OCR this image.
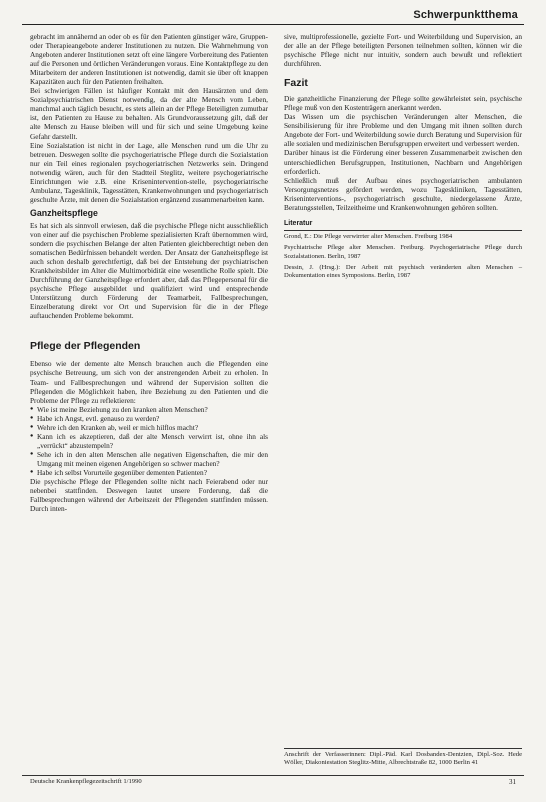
Schwerpunktthema

gebracht im annähernd an oder ob es für den Patienten günstiger wäre, Gruppen- oder Therapieangebote anderer Institutionen zu nutzen. Die Wahrnehmung von Angeboten anderer Institutionen setzt oft eine längere Vorbereitung des Patienten auf die Personen und örtlichen Veränderungen voraus. Eine Kontaktpflege zu den Mitarbeitern der anderen Institutionen ist notwendig, damit sie über oft knappen Kapazitäten auch für den Patienten freihalten.

Bei schwierigen Fällen ist häufiger Kontakt mit den Hausärzten und dem Sozialpsychiatrischen Dienst notwendig, da der alte Mensch vom Leben, manchmal auch täglich besucht, es stets allein an der Pflege Beteiligten zumutbar ist, den Patienten zu Hause zu behalten. Als Grundvoraussetzung gilt, daß der alte Mensch zu Hause bleiben will und für sich und seine Umgebung keine Gefahr darstellt.

Eine Sozialstation ist nicht in der Lage, alle Menschen rund um die Uhr zu betreuen. Deswegen sollte die psychogeriatrische Pflege durch die Sozialstation nur ein Teil eines regionalen psychogeriatrischen Netzwerks sein. Dringend notwendig wären, auch für den Stadtteil Steglitz, weitere psychogeriatrische Einrichtungen wie z.B. eine Krisenintervention-stelle, psychogeriatrische Ambulanz, Tagesklinik, Tagesstätten, Krankenwohnungen und psychogeriatrisch geschulte Ärzte, mit denen die Sozialstation ergänzend zusammenarbeiten kann.

Ganzheitspflege

Es hat sich als sinnvoll erwiesen, daß die psychische Pflege nicht ausschließlich von einer auf die psychischen Probleme spezialisierten Kraft übernommen wird, sondern die psychischen Belange der alten Patienten gleichberechtigt neben den somatischen Bedürfnissen behandelt werden. Der Ansatz der Ganzheitspflege ist auch schon deshalb gerechtfertigt, daß bei der Entstehung der psychiatrischen Krankheitsbilder im Alter die Multimorbidität eine wesentliche Rolle spielt. Die Durchführung der Ganzheitspflege erfordert aber, daß das Pflegepersonal für die psychische Pflege ausgebildet und qualifiziert wird und entsprechende Unterstützung durch Förderung der Teamarbeit, Fallbesprechungen, Einzelberatung direkt vor Ort und Supervision für die in der Pflege auftauchenden Probleme bekommt.

Pflege der Pflegenden

Ebenso wie der demente alte Mensch brauchen auch die Pflegenden eine psychische Betreuung, um sich von der anstrengenden Arbeit zu erholen. In Team- und Fallbesprechungen und während der Supervision sollten die Pflegenden die Möglichkeit haben, ihre Beziehung zu den Patienten und die Probleme der Pflege zu reflektieren:

● Wie ist meine Beziehung zu den kranken alten Menschen?
● Habe ich Angst, evtl. genauso zu werden?
● Wehre ich den Kranken ab, weil er mich hilflos macht?
● Kann ich es akzeptieren, daß der alte Mensch verwirrt ist, ohne ihn als „verrückt“ abzustempeln?
● Sehe ich in den alten Menschen alle negativen Eigenschaften, die mir den Umgang mit meinen eigenen Angehörigen so schwer machen?
● Habe ich selbst Vorurteile gegenüber dementen Patienten?

Die psychische Pflege der Pflegenden sollte nicht nach Feierabend oder nur nebenbei stattfinden. Deswegen lautet unsere Forderung, daß die Fallbesprechungen während der Arbeitszeit der Pflegenden stattfinden müssen. Durch inten-

sive, multiprofessionelle, gezielte Fort- und Weiterbildung und Supervision, an der alle an der Pflege beteiligten Personen teilnehmen sollten, können wir die psychische Pflege nicht nur intuitiv, sondern auch bewußt und reflektiert durchführen.

Fazit

Die ganzheitliche Finanzierung der Pflege sollte gewährleistet sein, psychische Pflege muß von den Kostenträgern anerkannt werden.

Das Wissen um die psychischen Veränderungen alter Menschen, die Sensibilisierung für ihre Probleme und den Umgang mit ihnen sollten durch Angebote der Fort- und Weiterbildung sowie durch Beratung und Supervision für alle sozialen und medizinischen Berufsgruppen erweitert und verbessert werden.

Darüber hinaus ist die Förderung einer besseren Zusammenarbeit zwischen den unterschiedlichen Berufsgruppen, Institutionen, Nachbarn und Angehörigen erforderlich.

Schließlich muß der Aufbau eines psychogeriatrischen ambulanten Versorgungsnetzes gefördert werden, wozu Tageskliniken, Tagesstätten, Kriseninterventions-, psychogeriatrisch geschulte, niedergelassene Ärzte, Beratungsstellen, Teilzeitheime und Krankenwohnungen gehören sollten.

Literatur

Grond, E.: Die Pflege verwirrter alter Menschen. Freiburg 1984

Psychiatrische Pflege alter Menschen. Freiburg. Psychogeriatrische Pflege durch Sozialstationen. Berlin, 1987

Dessin, J. (Hrsg.): Der Arbeit mit psychisch veränderten alten Menschen – Dokumentation eines Symposions. Berlin, 1987

Anschrift der Verfasserinnen: Dipl.-Päd. Karl Dosbandex-Dentzien, Dipl.-Soz. Hede Wöller, Diakoniestation Steglitz-Mitte, Albrechtstraße 82, 1000 Berlin 41
Deutsche Krankenpflegezeitschrift 1/1990	31
